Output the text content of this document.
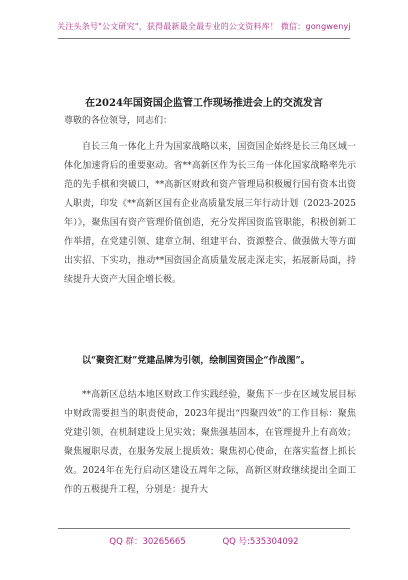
关注头条号"公文研究"，获得最新最全最专业的公文资料库！ 微信：gongwenyj
在2024年国资国企监管工作现场推进会上的交流发言
尊敬的各位领导，同志们：
自长三角一体化上升为国家战略以来，国资国企始终是长三角区域一体化加速背后的重要驱动。省**高新区作为长三角一体化国家战略率先示范的先手棋和突破口，**高新区财政和资产管理局积极履行国有资本出资人职责，印发《**高新区国有企业高质量发展三年行动计划（2023-2025年）》，聚焦国有资产管理价值创造，充分发挥国资监管职能，积极创新工作举措，在党建引领、建章立制、组建平台、资源整合、做强做大等方面出实招、下实功，推动**国资国企高质量发展走深走实，拓展新局面，持续提升大资产大国企增长极。
以“聚资汇财”党建品牌为引领，绘制国资国企“作战图”。
**高新区总结本地区财政工作实践经验，聚焦下一步在区域发展目标中财政需要担当的职责使命，2023年提出“四聚四效”的工作目标：聚焦党建引领，在机制建设上见实效；聚焦强基固本，在管理提升上有高效；聚焦履职尽责，在服务发展上提质效；聚焦初心使命，在落实监督上抓长效。2024年在先行启动区建设五周年之际，高新区财政继续提出全面工作的五极提升工程，分别是：提升大
QQ 群：30265665	QQ 号:535304092
